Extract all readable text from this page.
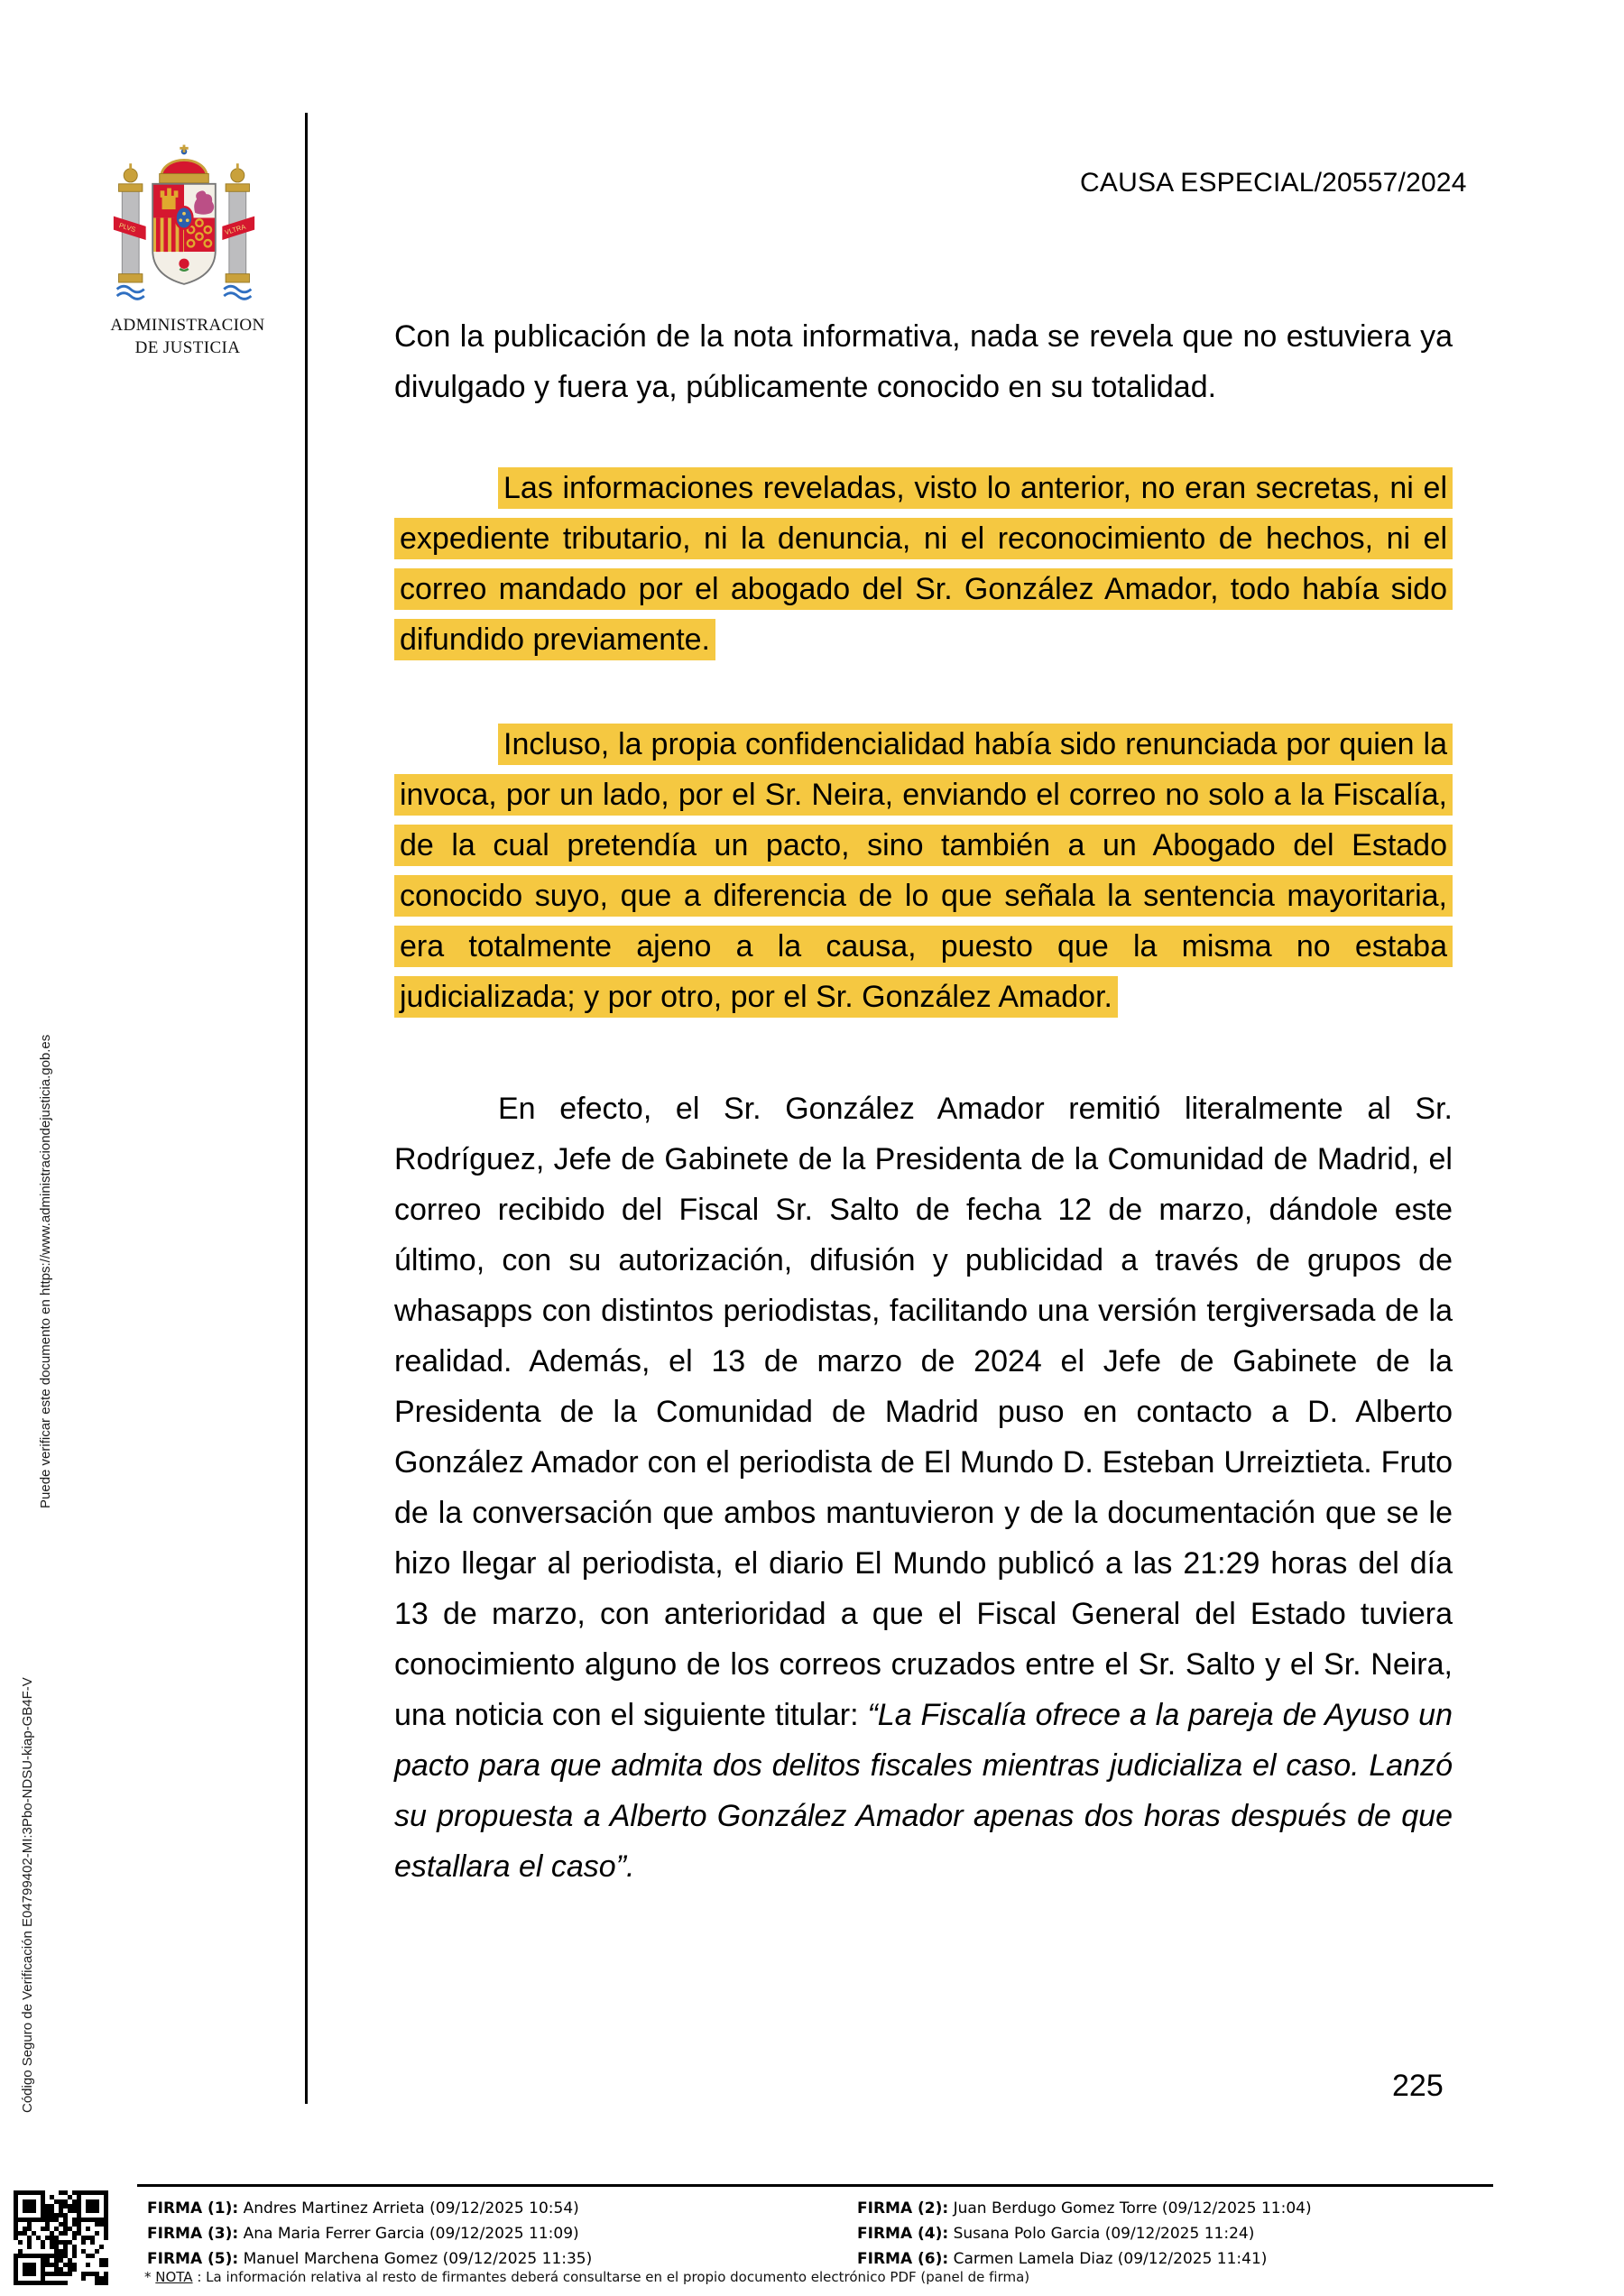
PLVS	VLTRA
ADMINISTRACION
DE JUSTICIA
CAUSA ESPECIAL/20557/2024

Con la publicación de la nota informativa, nada se revela que no estuviera ya divulgado y fuera ya, públicamente conocido en su totalidad.

Las informaciones reveladas, visto lo anterior, no eran secretas, ni el expediente tributario, ni la denuncia, ni el reconocimiento de hechos, ni el correo mandado por el abogado del Sr. González Amador, todo había sido difundido previamente.

Incluso, la propia confidencialidad había sido renunciada por quien la invoca, por un lado, por el Sr. Neira, enviando el correo no solo a la Fiscalía, de la cual pretendía un pacto, sino también a un Abogado del Estado conocido suyo, que a diferencia de lo que señala la sentencia mayoritaria, era totalmente ajeno a la causa, puesto que la misma no estaba judicializada; y por otro, por el Sr. González Amador.

En efecto, el Sr. González Amador remitió literalmente al Sr. Rodríguez, Jefe de Gabinete de la Presidenta de la Comunidad de Madrid, el correo recibido del Fiscal Sr. Salto de fecha 12 de marzo, dándole este último, con su autorización, difusión y publicidad a través de grupos de whasapps con distintos periodistas, facilitando una versión tergiversada de la realidad. Además, el 13 de marzo de 2024 el Jefe de Gabinete de la Presidenta de la Comunidad de Madrid puso en contacto a D. Alberto González Amador con el periodista de El Mundo D. Esteban Urreiztieta. Fruto de la conversación que ambos mantuvieron y de la documentación que se le hizo llegar al periodista, el diario El Mundo publicó a las 21:29 horas del día 13 de marzo, con anterioridad a que el Fiscal General del Estado tuviera conocimiento alguno de los correos cruzados entre el Sr. Salto y el Sr. Neira, una noticia con el siguiente titular: “La Fiscalía ofrece a la pareja de Ayuso un pacto para que admita dos delitos fiscales mientras judicializa el caso. Lanzó su propuesta a Alberto González Amador apenas dos horas después de que estallara el caso”.

225
Código Seguro de Verificación E04799402-MI:3Pbo-NDSU-kiap-GB4F-V
Puede verificar este documento en https://www.administraciondejusticia.gob.es
FIRMA (1): Andres Martinez Arrieta (09/12/2025 10:54)
FIRMA (3): Ana Maria Ferrer Garcia (09/12/2025 11:09)
FIRMA (5): Manuel Marchena Gomez (09/12/2025 11:35)
FIRMA (2): Juan Berdugo Gomez Torre (09/12/2025 11:04)
FIRMA (4): Susana Polo Garcia (09/12/2025 11:24)
FIRMA (6): Carmen Lamela Diaz (09/12/2025 11:41)
* NOTA : La información relativa al resto de firmantes deberá consultarse en el propio documento electrónico PDF (panel de firma)
